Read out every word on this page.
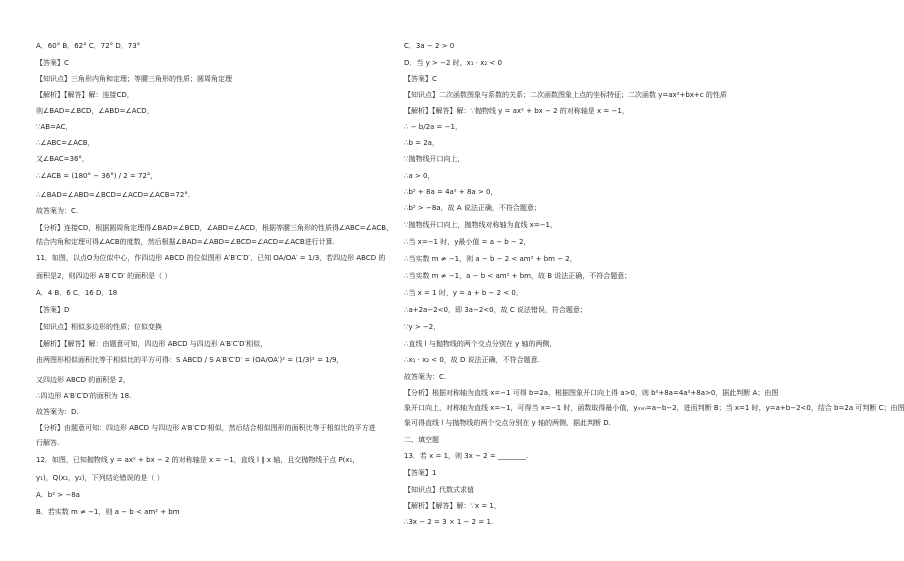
A．60° B．62° C．72° D．73°
【答案】C
【知识点】三角形内角和定理；等腰三角形的性质；圆周角定理
【解析】【解答】解：连接CD，
则∠BAD=∠BCD，∠ABD=∠ACD，
∵AB=AC，
∴∠ABC=∠ACB，
又∠BAC=36°，
∴∠ACB = (180° − 36°) / 2 = 72°，
∴∠BAD=∠ABD=∠BCD=∠ACD=∠ACB=72°.
故答案为：C.
【分析】连接CD，根据圆周角定理得∠BAD=∠BCD，∠ABD=∠ACD，根据等腰三角形的性质得∠ABC=∠ACB，
结合内角和定理可得∠ACB的度数，然后根据∠BAD=∠ABD=∠BCD=∠ACD=∠ACB进行计算.
11．如图，以点O为位似中心，作四边形 ABCD 的位似图形 A′B′C′D′，已知 OA/OA′ = 1/3，若四边形 ABCD 的
面积是2，则四边形 A′B′C′D′ 的面积是（ ）
A．4 B．6 C．16 D．18
【答案】D
【知识点】相似多边形的性质；位似变换
【解析】【解答】解：由题意可知，四边形 ABCD 与四边形 A′B′C′D′相似，
由两图形相似面积比等于相似比的平方可得：S ABCD / S A′B′C′D′ = (OA/OA′)² = (1/3)² = 1/9，
又四边形 ABCD 的面积是 2，
∴四边形 A′B′C′D′的面积为 18.
故答案为：D.
【分析】由题意可知：四边形 ABCD 与四边形 A′B′C′D′相似，然后结合相似图形的面积比等于相似比的平方进
行解答.
12．如图，已知抛物线 y = ax² + bx − 2 的对称轴是 x = −1，直线 l ∥ x 轴，且交抛物线于点 P(x₁,
y₁)，Q(x₂，y₂)，下列结论错误的是（ ）
A．b² > −8a
B．若实数 m ≠ −1，则 a − b < am² + bm
C．3a − 2 > 0
D．当 y > −2 时，x₁ · x₂ < 0
【答案】C
【知识点】二次函数图象与系数的关系；二次函数图象上点的坐标特征；二次函数 y=ax²+bx+c 的性质
【解析】【解答】解：∵抛物线 y = ax² + bx − 2 的对称轴是 x = −1，
∴ − b/2a = −1，
∴b = 2a，
∵抛物线开口向上，
∴a > 0，
∴b² + 8a = 4a² + 8a > 0，
∴b² > −8a，故 A 说法正确，不符合题意；
∵抛物线开口向上，抛物线对称轴为直线 x=−1，
∴当 x=−1 时，y最小值 = a − b − 2，
∴当实数 m ≠ −1，则 a − b − 2 < am² + bm − 2，
∴当实数 m ≠ −1，a − b < am² + bm，故 B 说法正确，不符合题意；
∴当 x = 1 时，y = a + b − 2 < 0，
∴a+2a−2<0，即 3a−2<0，故 C 说法错误，符合题意；
∵y > −2，
∴直线 l 与抛物线的两个交点分别在 y 轴的两侧，
∴x₁ · x₂ < 0，故 D 说法正确，不符合题意.
故答案为：C.
【分析】根据对称轴为直线 x=−1 可得 b=2a，根据图象开口向上得 a>0，则 b²+8a=4a²+8a>0，据此判断 A；由图
象开口向上，对称轴为直线 x=−1，可得当 x=−1 时，函数取得最小值，yₘᵢₙ=a−b−2，进而判断 B；当 x=1 时，y=a+b−2<0，结合 b=2a 可判断 C；由图
象可得直线 l 与抛物线的两个交点分别在 y 轴的两侧，据此判断 D.
二、填空题
13．若 x = 1，则 3x − 2 = ________.
【答案】1
【知识点】代数式求值
【解析】【解答】解：∵x = 1，
∴3x − 2 = 3 × 1 − 2 = 1.
